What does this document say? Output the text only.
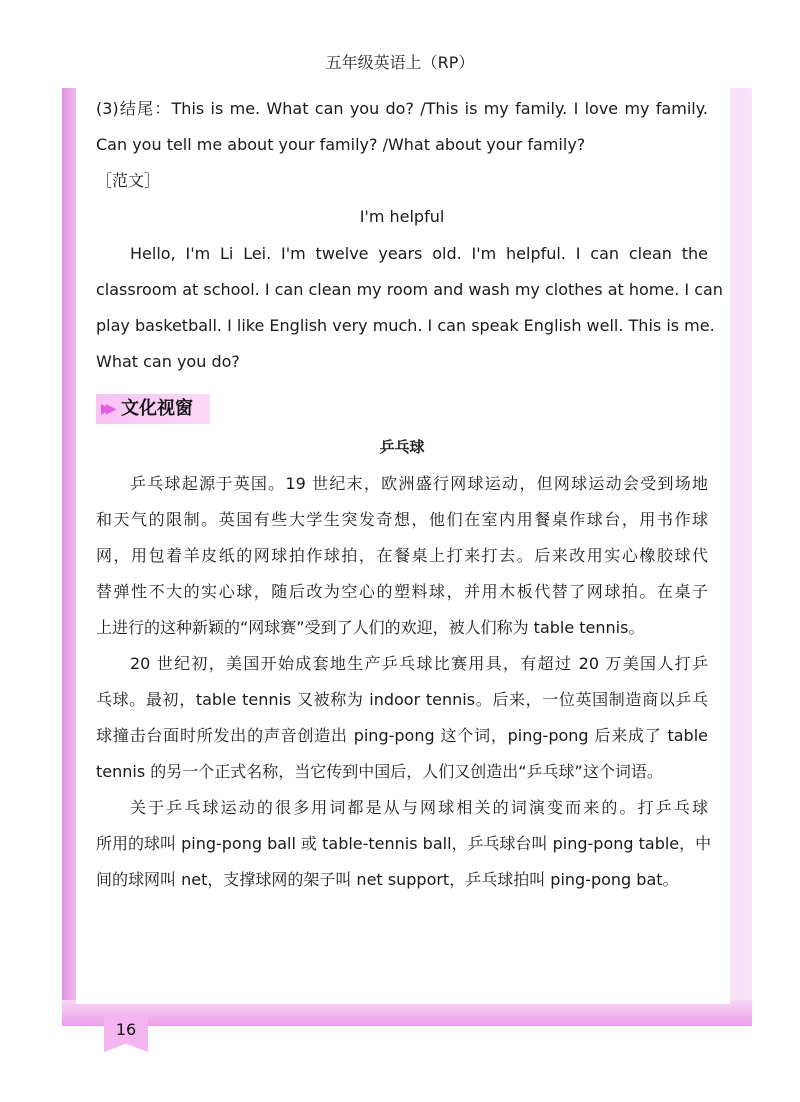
五年级英语上（RP）
(3)结尾：This is me. What can you do? /This is my family. I love my family.
Can you tell me about your family? /What about your family?
［范文］
I'm helpful
Hello, I'm Li Lei. I'm twelve years old. I'm helpful. I can clean the
classroom at school. I can clean my room and wash my clothes at home. I can
play basketball. I like English very much. I can speak English well. This is me.
What can you do?
▶▶ 文化视窗
乒乓球
乒乓球起源于英国。19 世纪末，欧洲盛行网球运动，但网球运动会受到场地
和天气的限制。英国有些大学生突发奇想，他们在室内用餐桌作球台，用书作球
网，用包着羊皮纸的网球拍作球拍，在餐桌上打来打去。后来改用实心橡胶球代
替弹性不大的实心球，随后改为空心的塑料球，并用木板代替了网球拍。在桌子
上进行的这种新颖的“网球赛”受到了人们的欢迎，被人们称为 table tennis。
20 世纪初，美国开始成套地生产乒乓球比赛用具，有超过 20 万美国人打乒
乓球。最初，table tennis 又被称为 indoor tennis。后来，一位英国制造商以乒乓
球撞击台面时所发出的声音创造出 ping-pong 这个词，ping-pong 后来成了 table
tennis 的另一个正式名称，当它传到中国后，人们又创造出“乒乓球”这个词语。
关于乒乓球运动的很多用词都是从与网球相关的词演变而来的。打乒乓球
所用的球叫 ping-pong ball 或 table-tennis ball，乒乓球台叫 ping-pong table，中
间的球网叫 net，支撑球网的架子叫 net support，乒乓球拍叫 ping-pong bat。
16
